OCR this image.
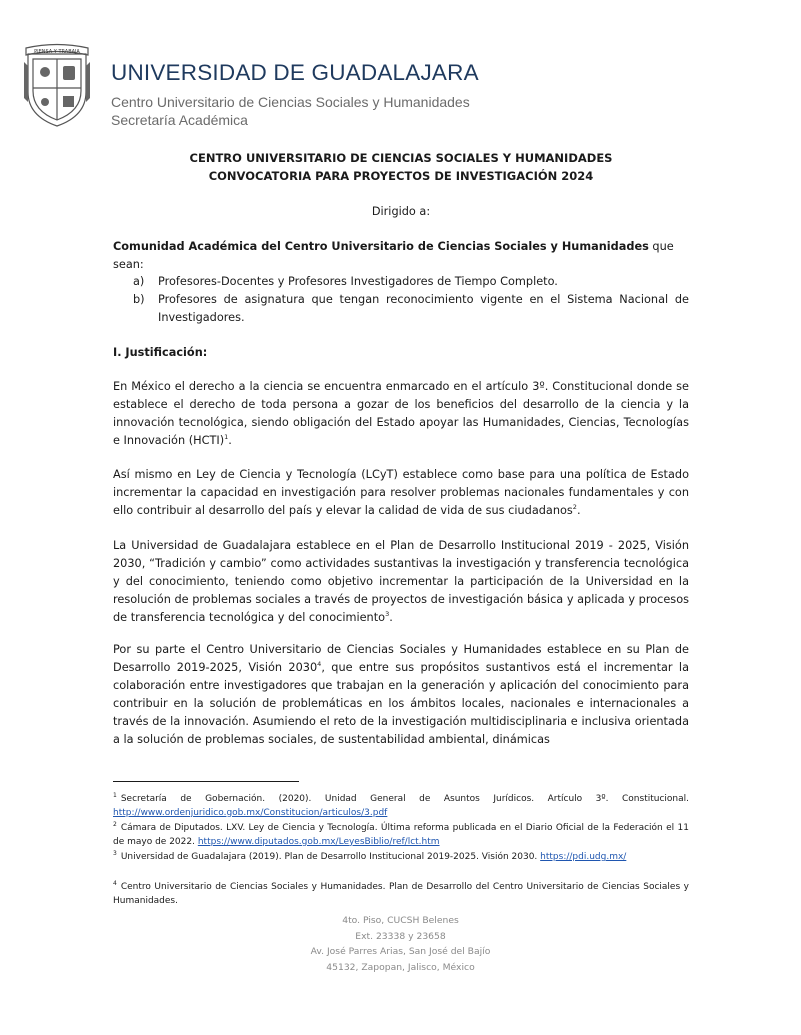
PIENSA Y TRABAJA
UNIVERSIDAD DE GUADALAJARA
Centro Universitario de Ciencias Sociales y Humanidades
Secretaría Académica
CENTRO UNIVERSITARIO DE CIENCIAS SOCIALES Y HUMANIDADES
CONVOCATORIA PARA PROYECTOS DE INVESTIGACIÓN 2024
Dirigido a:
Comunidad Académica del Centro Universitario de Ciencias Sociales y Humanidades que sean:
a) Profesores-Docentes y Profesores Investigadores de Tiempo Completo.
b) Profesores de asignatura que tengan reconocimiento vigente en el Sistema Nacional de Investigadores.
I. Justificación:
En México el derecho a la ciencia se encuentra enmarcado en el artículo 3º. Constitucional donde se establece el derecho de toda persona a gozar de los beneficios del desarrollo de la ciencia y la innovación tecnológica, siendo obligación del Estado apoyar las Humanidades, Ciencias, Tecnologías e Innovación (HCTI)$^1$.
Así mismo en Ley de Ciencia y Tecnología (LCyT) establece como base para una política de Estado incrementar la capacidad en investigación para resolver problemas nacionales fundamentales y con ello contribuir al desarrollo del país y elevar la calidad de vida de sus ciudadanos$^2$.
La Universidad de Guadalajara establece en el Plan de Desarrollo Institucional 2019 - 2025, Visión 2030, “Tradición y cambio” como actividades sustantivas la investigación y transferencia tecnológica y del conocimiento, teniendo como objetivo incrementar la participación de la Universidad en la resolución de problemas sociales a través de proyectos de investigación básica y aplicada y procesos de transferencia tecnológica y del conocimiento$^3$.
Por su parte el Centro Universitario de Ciencias Sociales y Humanidades establece en su Plan de Desarrollo 2019-2025, Visión 2030$^4$, que entre sus propósitos sustantivos está el incrementar la colaboración entre investigadores que trabajan en la generación y aplicación del conocimiento para contribuir en la solución de problemáticas en los ámbitos locales, nacionales e internacionales a través de la innovación. Asumiendo el reto de la investigación multidisciplinaria e inclusiva orientada a la solución de problemas sociales, de sustentabilidad ambiental, dinámicas
$^1$ Secretaría de Gobernación. (2020). Unidad General de Asuntos Jurídicos. Artículo 3º. Constitucional. http://www.ordenjuridico.gob.mx/Constitucion/articulos/3.pdf
$^2$ Cámara de Diputados. LXV. Ley de Ciencia y Tecnología. Última reforma publicada en el Diario Oficial de la Federación el 11 de mayo de 2022. https://www.diputados.gob.mx/LeyesBiblio/ref/lct.htm
$^3$ Universidad de Guadalajara (2019). Plan de Desarrollo Institucional 2019-2025. Visión 2030. https://pdi.udg.mx/
$^4$ Centro Universitario de Ciencias Sociales y Humanidades. Plan de Desarrollo del Centro Universitario de Ciencias Sociales y Humanidades.
4to. Piso, CUCSH Belenes
Ext. 23338 y 23658
Av. José Parres Arias, San José del Bajío
45132, Zapopan, Jalisco, México
